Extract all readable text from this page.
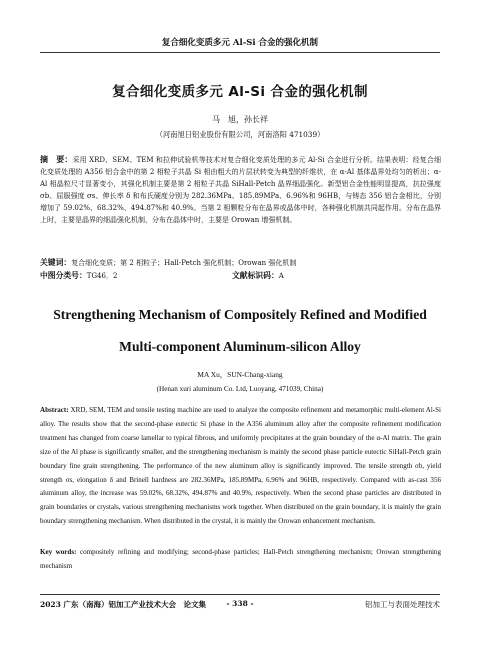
复合细化变质多元 Al-Si 合金的强化机制
复合细化变质多元 Al-Si 合金的强化机制
马　旭，孙长祥
（河南旭日铝业股份有限公司，河南洛阳 471039）

摘　要：采用 XRD、SEM、TEM 和拉伸试验机等技术对复合细化变质处理的多元 Al-Si 合金进行分析。结果表明：经复合细化变质处理的 A356 铝合金中的第 2 相粒子共晶 Si 相由粗大的片层状转变为典型的纤维状，在 α-Al 基体晶界处均匀的析出；α-Al 相晶粒尺寸显著变小，其强化机制主要是第 2 相粒子共晶 SiHall-Petch 晶界细晶强化。新型铝合金性能明显提高，抗拉强度 σb、屈服强度 σs、伸长率 δ 和布氏硬度分别为 282.36MPa、185.89MPa、6.96%和 96HB，与铸态 356 铝合金相比，分别增加了 59.02%、68.32%、494.87%和 40.9%。当第 2 相颗粒分布在晶界或晶体中时，各种强化机制共同起作用。分布在晶界上时，主要是晶界的细晶强化机制，分布在晶体中时，主要是 Orowan 增强机制。

关键词：复合细化变质；第 2 相粒子；Hall-Petch 强化机制；Orowan 强化机制
中图分类号：TG46．2	文献标识码：A
Strengthening Mechanism of Compositely Refined and Modified
Multi-component Aluminum-silicon Alloy
MA Xu，SUN-Chang-xiang
(Henan xuri aluminum Co. Ltd, Luoyang, 471039, China)
Abstract: XRD, SEM, TEM and tensile testing machine are used to analyze the composite refinement and metamorphic multi-element Al-Si alloy. The results show that the second-phase eutectic Si phase in the A356 aluminum alloy after the composite refinement modification treatment has changed from coarse lamellar to typical fibrous, and uniformly precipitates at the grain boundary of the α-Al matrix. The grain size of the Al phase is significantly smaller, and the strengthening mechanism is mainly the second phase particle eutectic SiHall-Petch grain boundary fine grain strengthening. The performance of the new aluminum alloy is significantly improved. The tensile strength σb, yield strength σs, elongation δ and Brinell hardness are 282.36MPa, 185.89MPa, 6.96% and 96HB, respectively. Compared with as-cast 356 aluminum alloy, the increase was 59.02%, 68.32%, 494.87% and 40.9%, respectively. When the second phase particles are distributed in grain boundaries or crystals, various strengthening mechanisms work together. When distributed on the grain boundary, it is mainly the grain boundary strengthening mechanism. When distributed in the crystal, it is mainly the Orowan enhancement mechanism.
Key words: compositely refining and modifying; second-phase particles; Hall-Petch strengthening mechanism; Orowan strengthening mechanism
2023 广东（南海）铝加工产业技术大会　论文集	- 338 -	铝加工与表面处理技术
